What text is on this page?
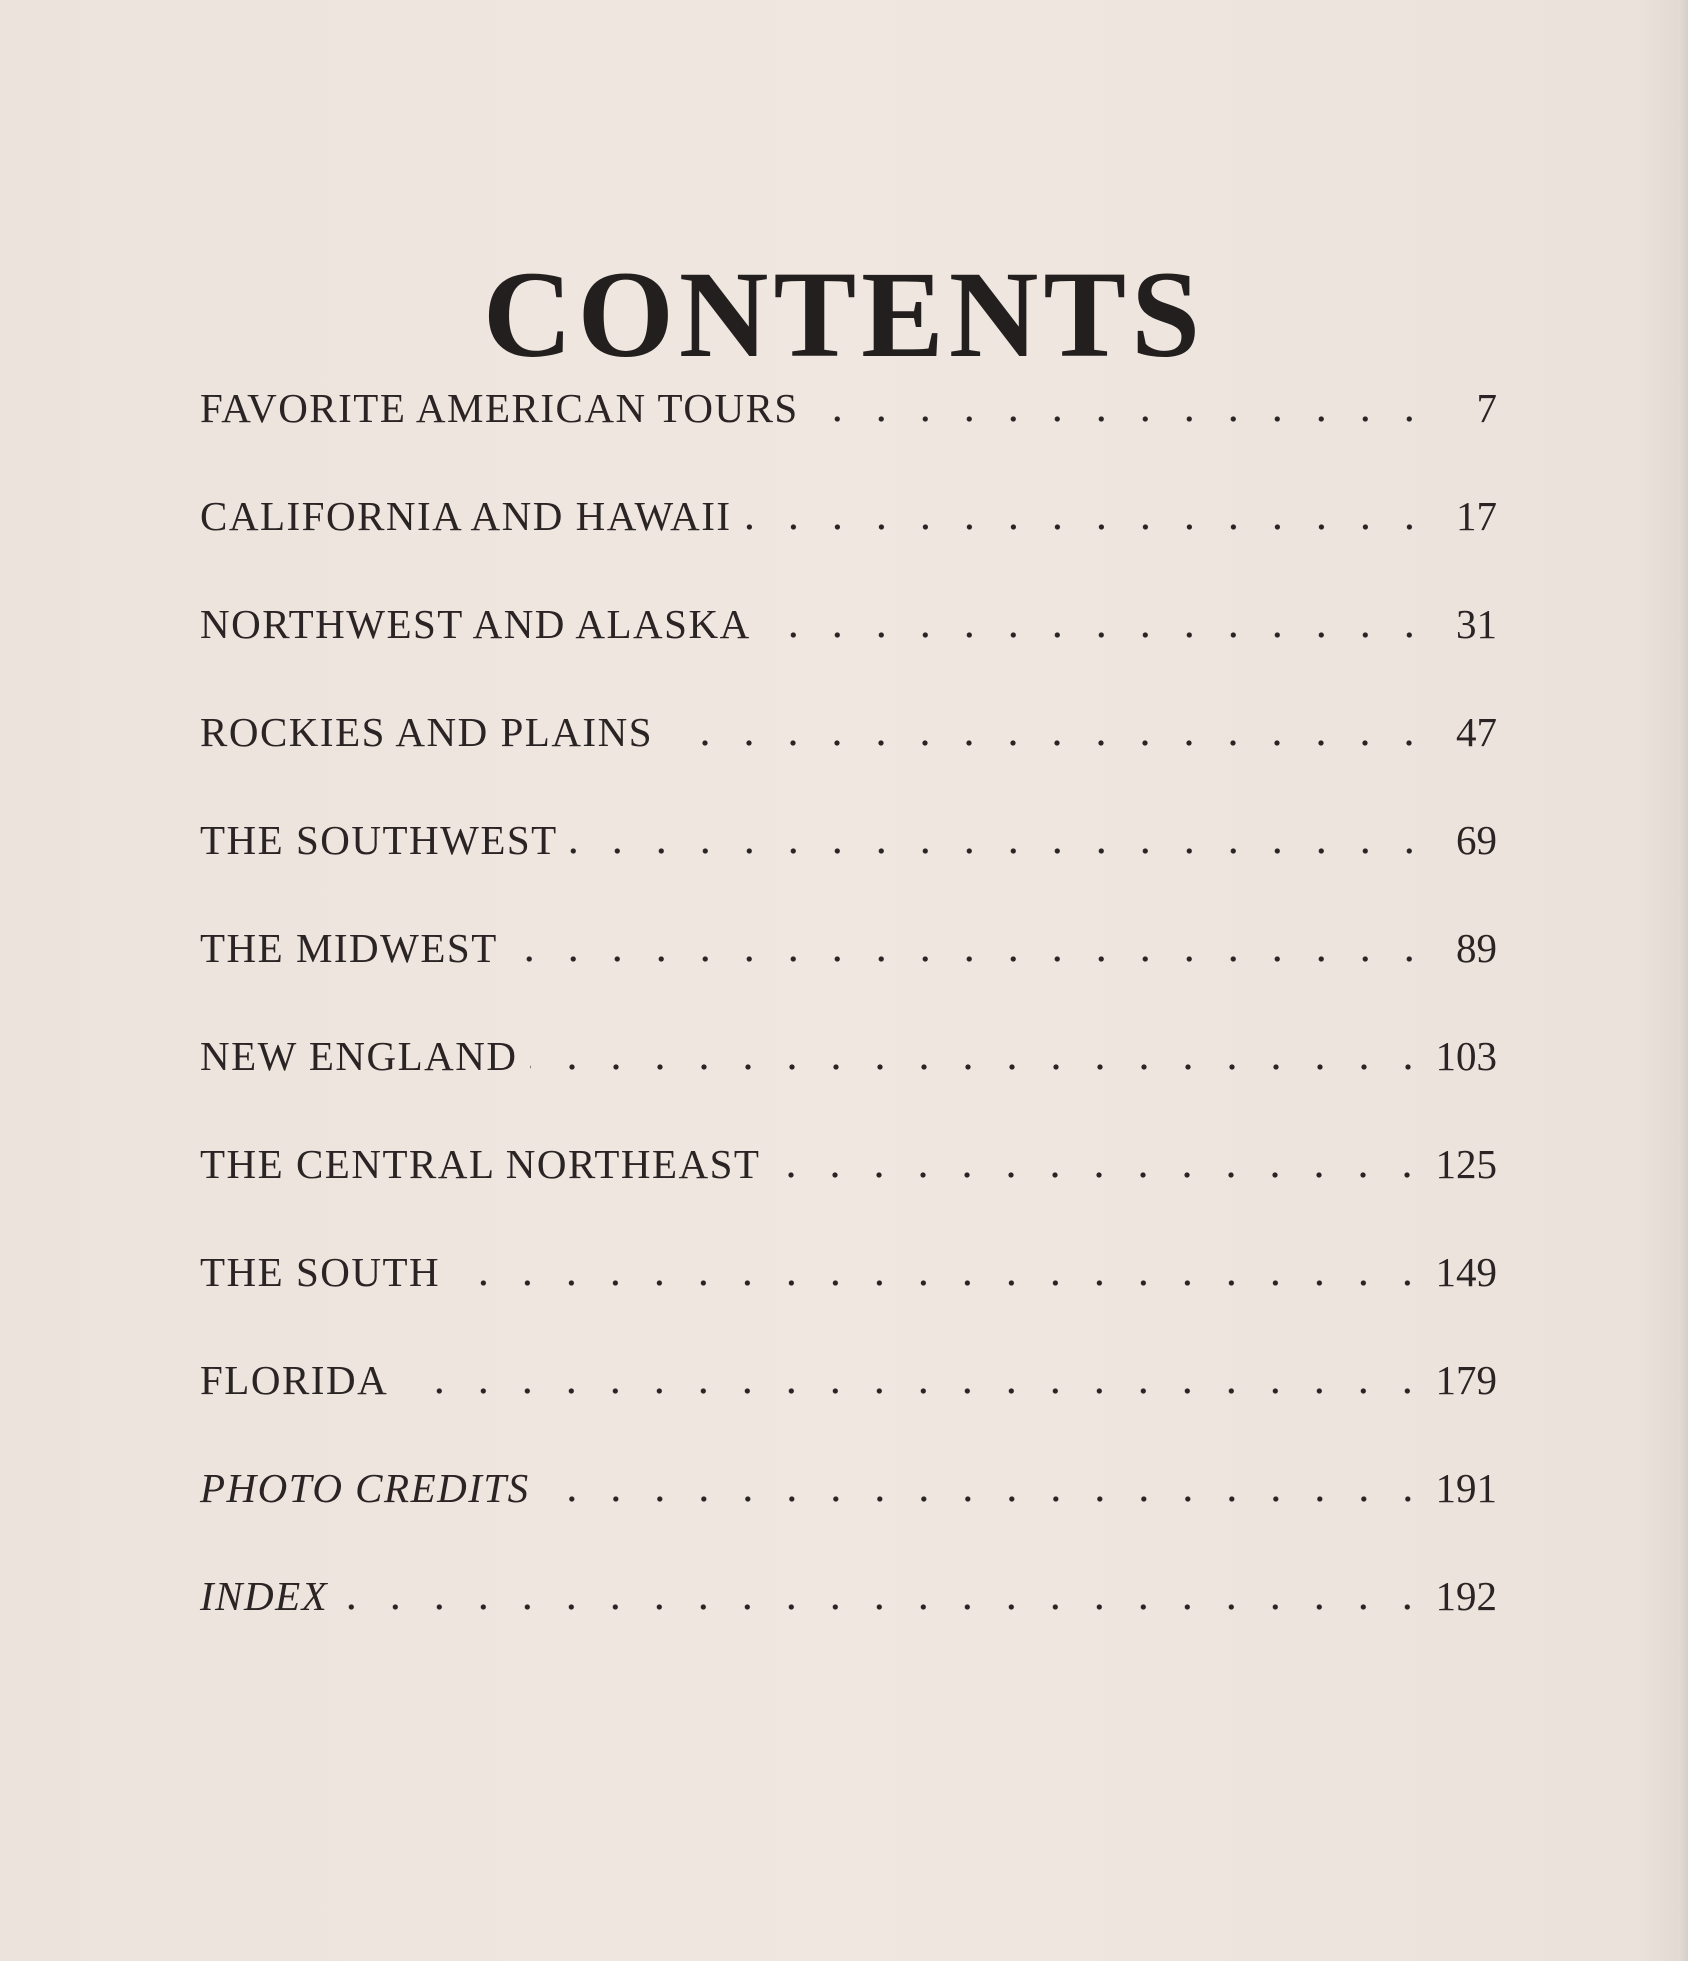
CONTENTS
FAVORITE AMERICAN TOURS	7
CALIFORNIA AND HAWAII	17
NORTHWEST AND ALASKA	31
ROCKIES AND PLAINS	47
THE SOUTHWEST	69
THE MIDWEST	89
NEW ENGLAND	103
THE CENTRAL NORTHEAST	125
THE SOUTH	149
FLORIDA	179
PHOTO CREDITS	191
INDEX	192
